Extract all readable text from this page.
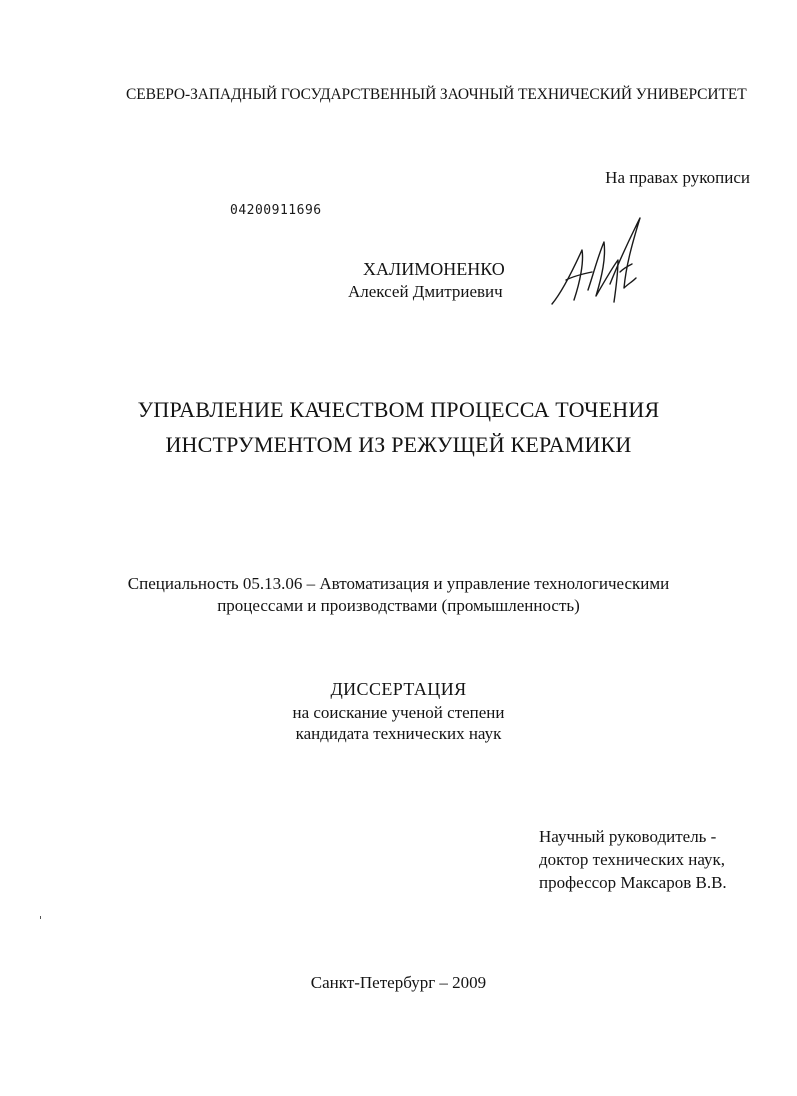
СЕВЕРО-ЗАПАДНЫЙ ГОСУДАРСТВЕННЫЙ ЗАОЧНЫЙ ТЕХНИЧЕСКИЙ УНИВЕРСИТЕТ
На правах рукописи
04200911696
ХАЛИМОНЕНКО
Алексей Дмитриевич
УПРАВЛЕНИЕ КАЧЕСТВОМ ПРОЦЕССА ТОЧЕНИЯ
ИНСТРУМЕНТОМ ИЗ РЕЖУЩЕЙ КЕРАМИКИ
Специальность 05.13.06 – Автоматизация и управление технологическими
процессами и производствами (промышленность)
ДИССЕРТАЦИЯ
на соискание ученой степени
кандидата технических наук
Научный руководитель -
доктор технических наук,
профессор Максаров В.В.
Санкт-Петербург – 2009
